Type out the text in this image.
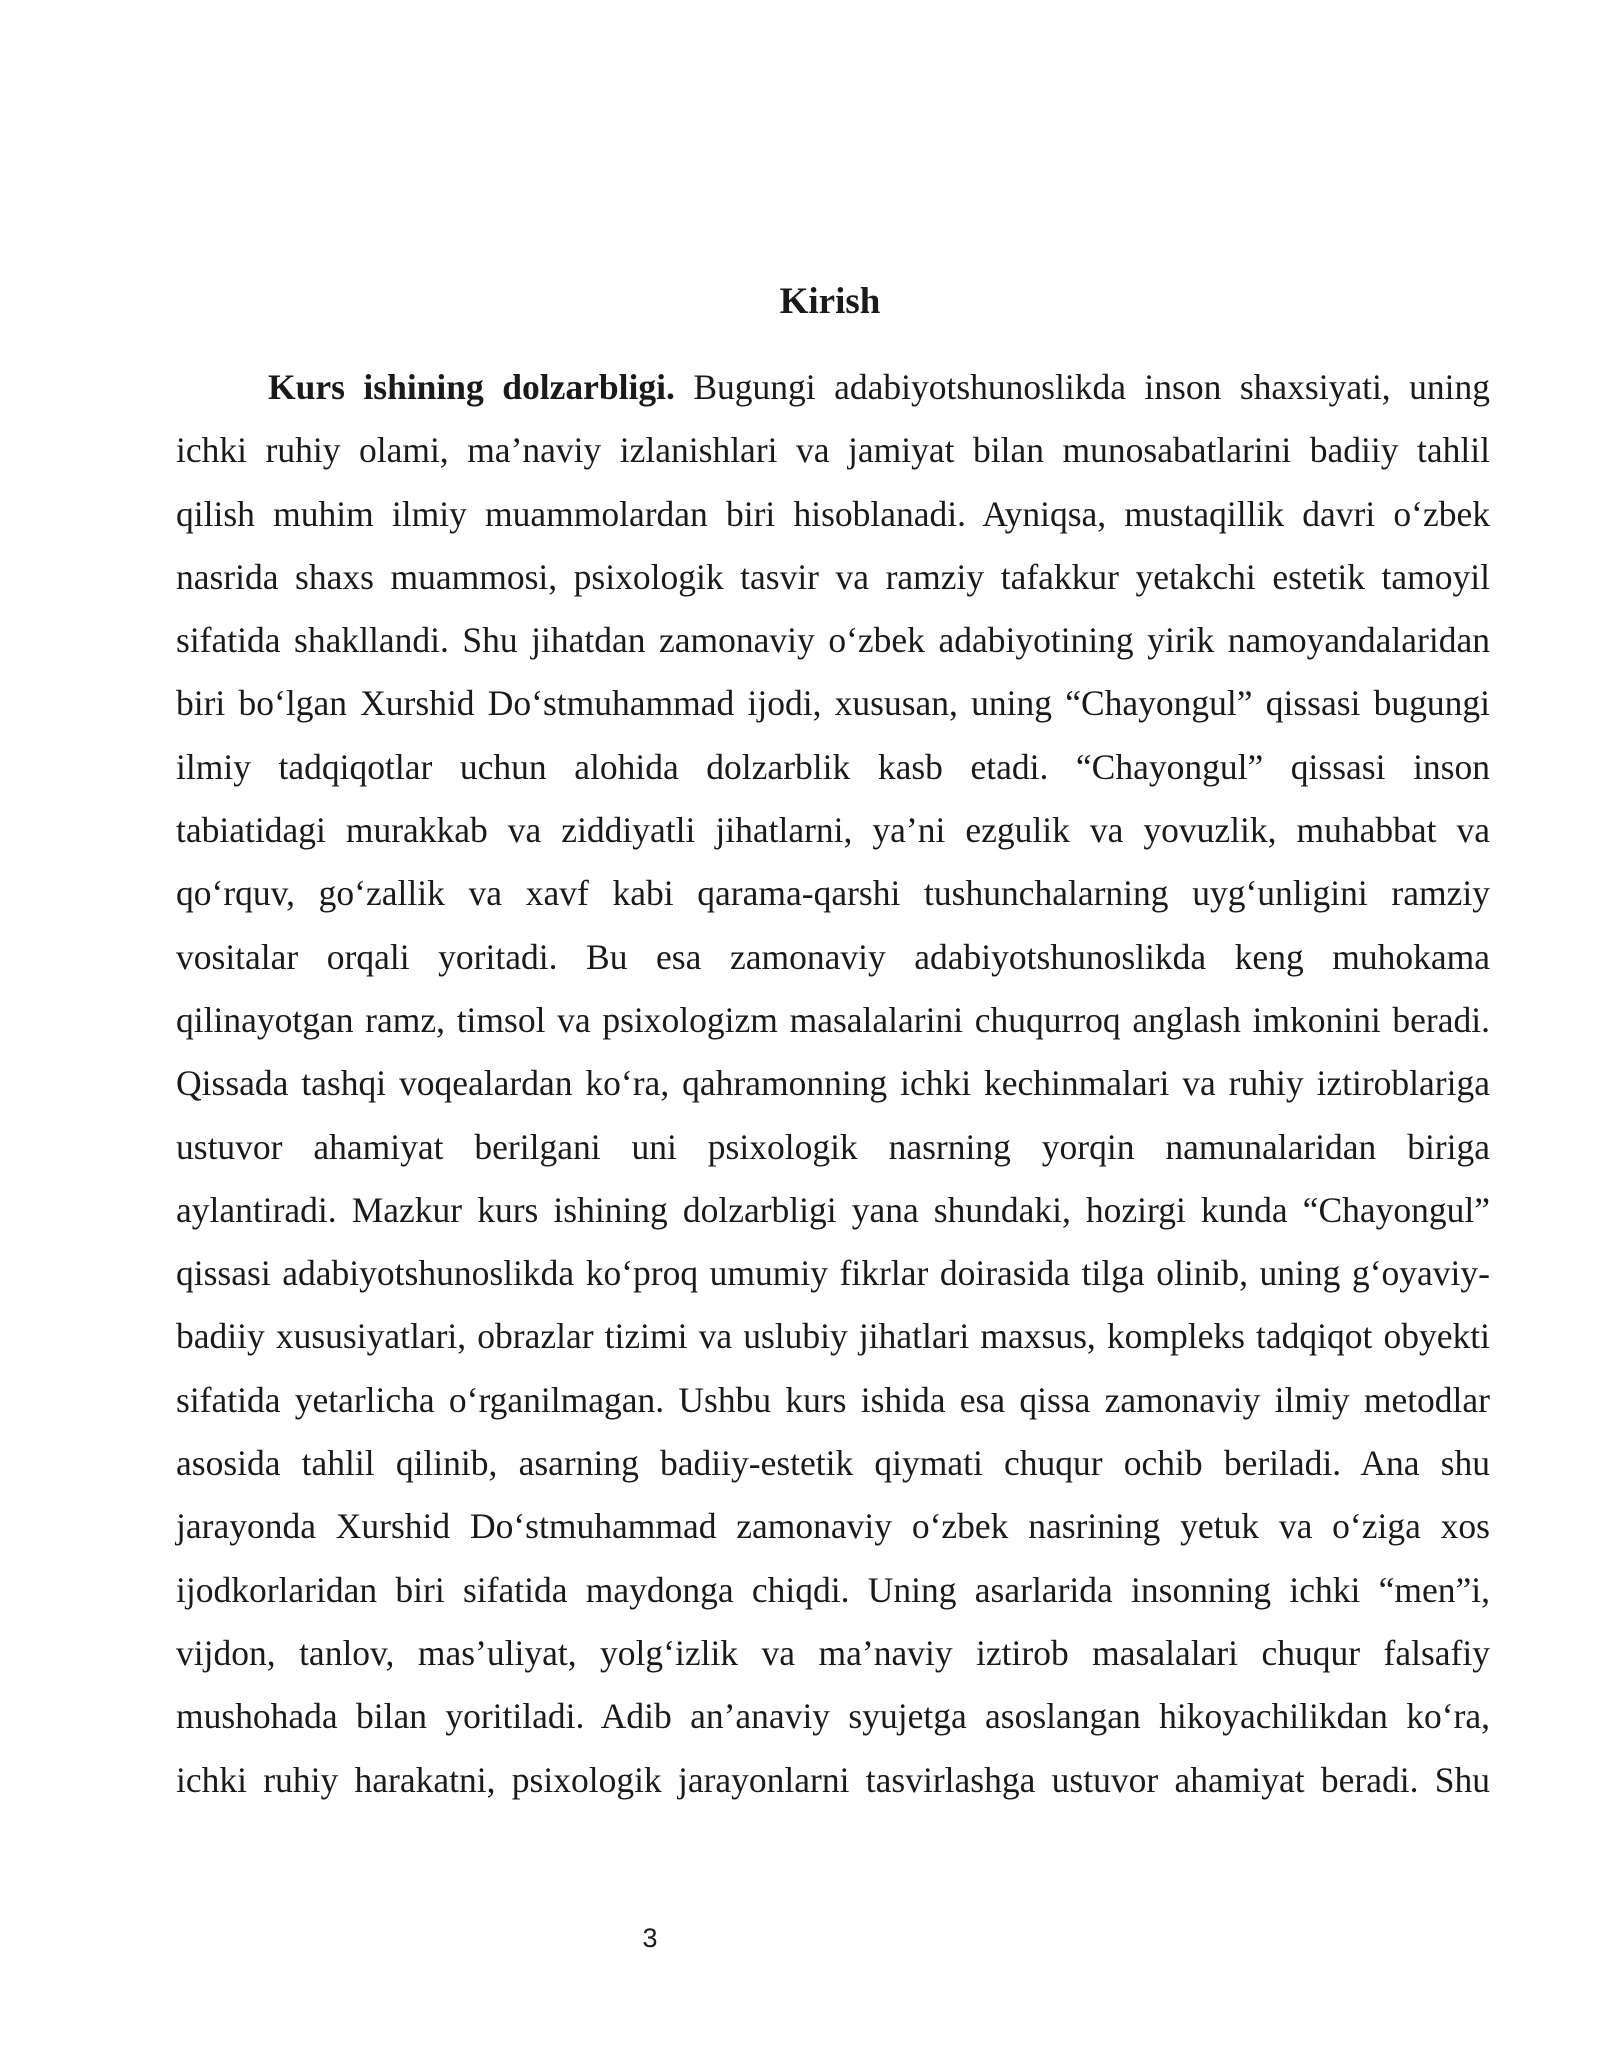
Kirish
Kurs ishining dolzarbligi. Bugungi adabiyotshunoslikda inson shaxsiyati, uning
ichki ruhiy olami, ma’naviy izlanishlari va jamiyat bilan munosabatlarini badiiy tahlil
qilish muhim ilmiy muammolardan biri hisoblanadi. Ayniqsa, mustaqillik davri o‘zbek
nasrida shaxs muammosi, psixologik tasvir va ramziy tafakkur yetakchi estetik tamoyil
sifatida shakllandi. Shu jihatdan zamonaviy o‘zbek adabiyotining yirik namoyandalaridan
biri bo‘lgan Xurshid Do‘stmuhammad ijodi, xususan, uning “Chayongul” qissasi bugungi
ilmiy tadqiqotlar uchun alohida dolzarblik kasb etadi. “Chayongul” qissasi inson
tabiatidagi murakkab va ziddiyatli jihatlarni, ya’ni ezgulik va yovuzlik, muhabbat va
qo‘rquv, go‘zallik va xavf kabi qarama-qarshi tushunchalarning uyg‘unligini ramziy
vositalar orqali yoritadi. Bu esa zamonaviy adabiyotshunoslikda keng muhokama
qilinayotgan ramz, timsol va psixologizm masalalarini chuqurroq anglash imkonini beradi.
Qissada tashqi voqealardan ko‘ra, qahramonning ichki kechinmalari va ruhiy iztiroblariga
ustuvor ahamiyat berilgani uni psixologik nasrning yorqin namunalaridan biriga
aylantiradi. Mazkur kurs ishining dolzarbligi yana shundaki, hozirgi kunda “Chayongul”
qissasi adabiyotshunoslikda ko‘proq umumiy fikrlar doirasida tilga olinib, uning g‘oyaviy-
badiiy xususiyatlari, obrazlar tizimi va uslubiy jihatlari maxsus, kompleks tadqiqot obyekti
sifatida yetarlicha o‘rganilmagan. Ushbu kurs ishida esa qissa zamonaviy ilmiy metodlar
asosida tahlil qilinib, asarning badiiy-estetik qiymati chuqur ochib beriladi. Ana shu
jarayonda Xurshid Do‘stmuhammad zamonaviy o‘zbek nasrining yetuk va o‘ziga xos
ijodkorlaridan biri sifatida maydonga chiqdi. Uning asarlarida insonning ichki “men”i,
vijdon, tanlov, mas’uliyat, yolg‘izlik va ma’naviy iztirob masalalari chuqur falsafiy
mushohada bilan yoritiladi. Adib an’anaviy syujetga asoslangan hikoyachilikdan ko‘ra,
ichki ruhiy harakatni, psixologik jarayonlarni tasvirlashga ustuvor ahamiyat beradi. Shu
3
